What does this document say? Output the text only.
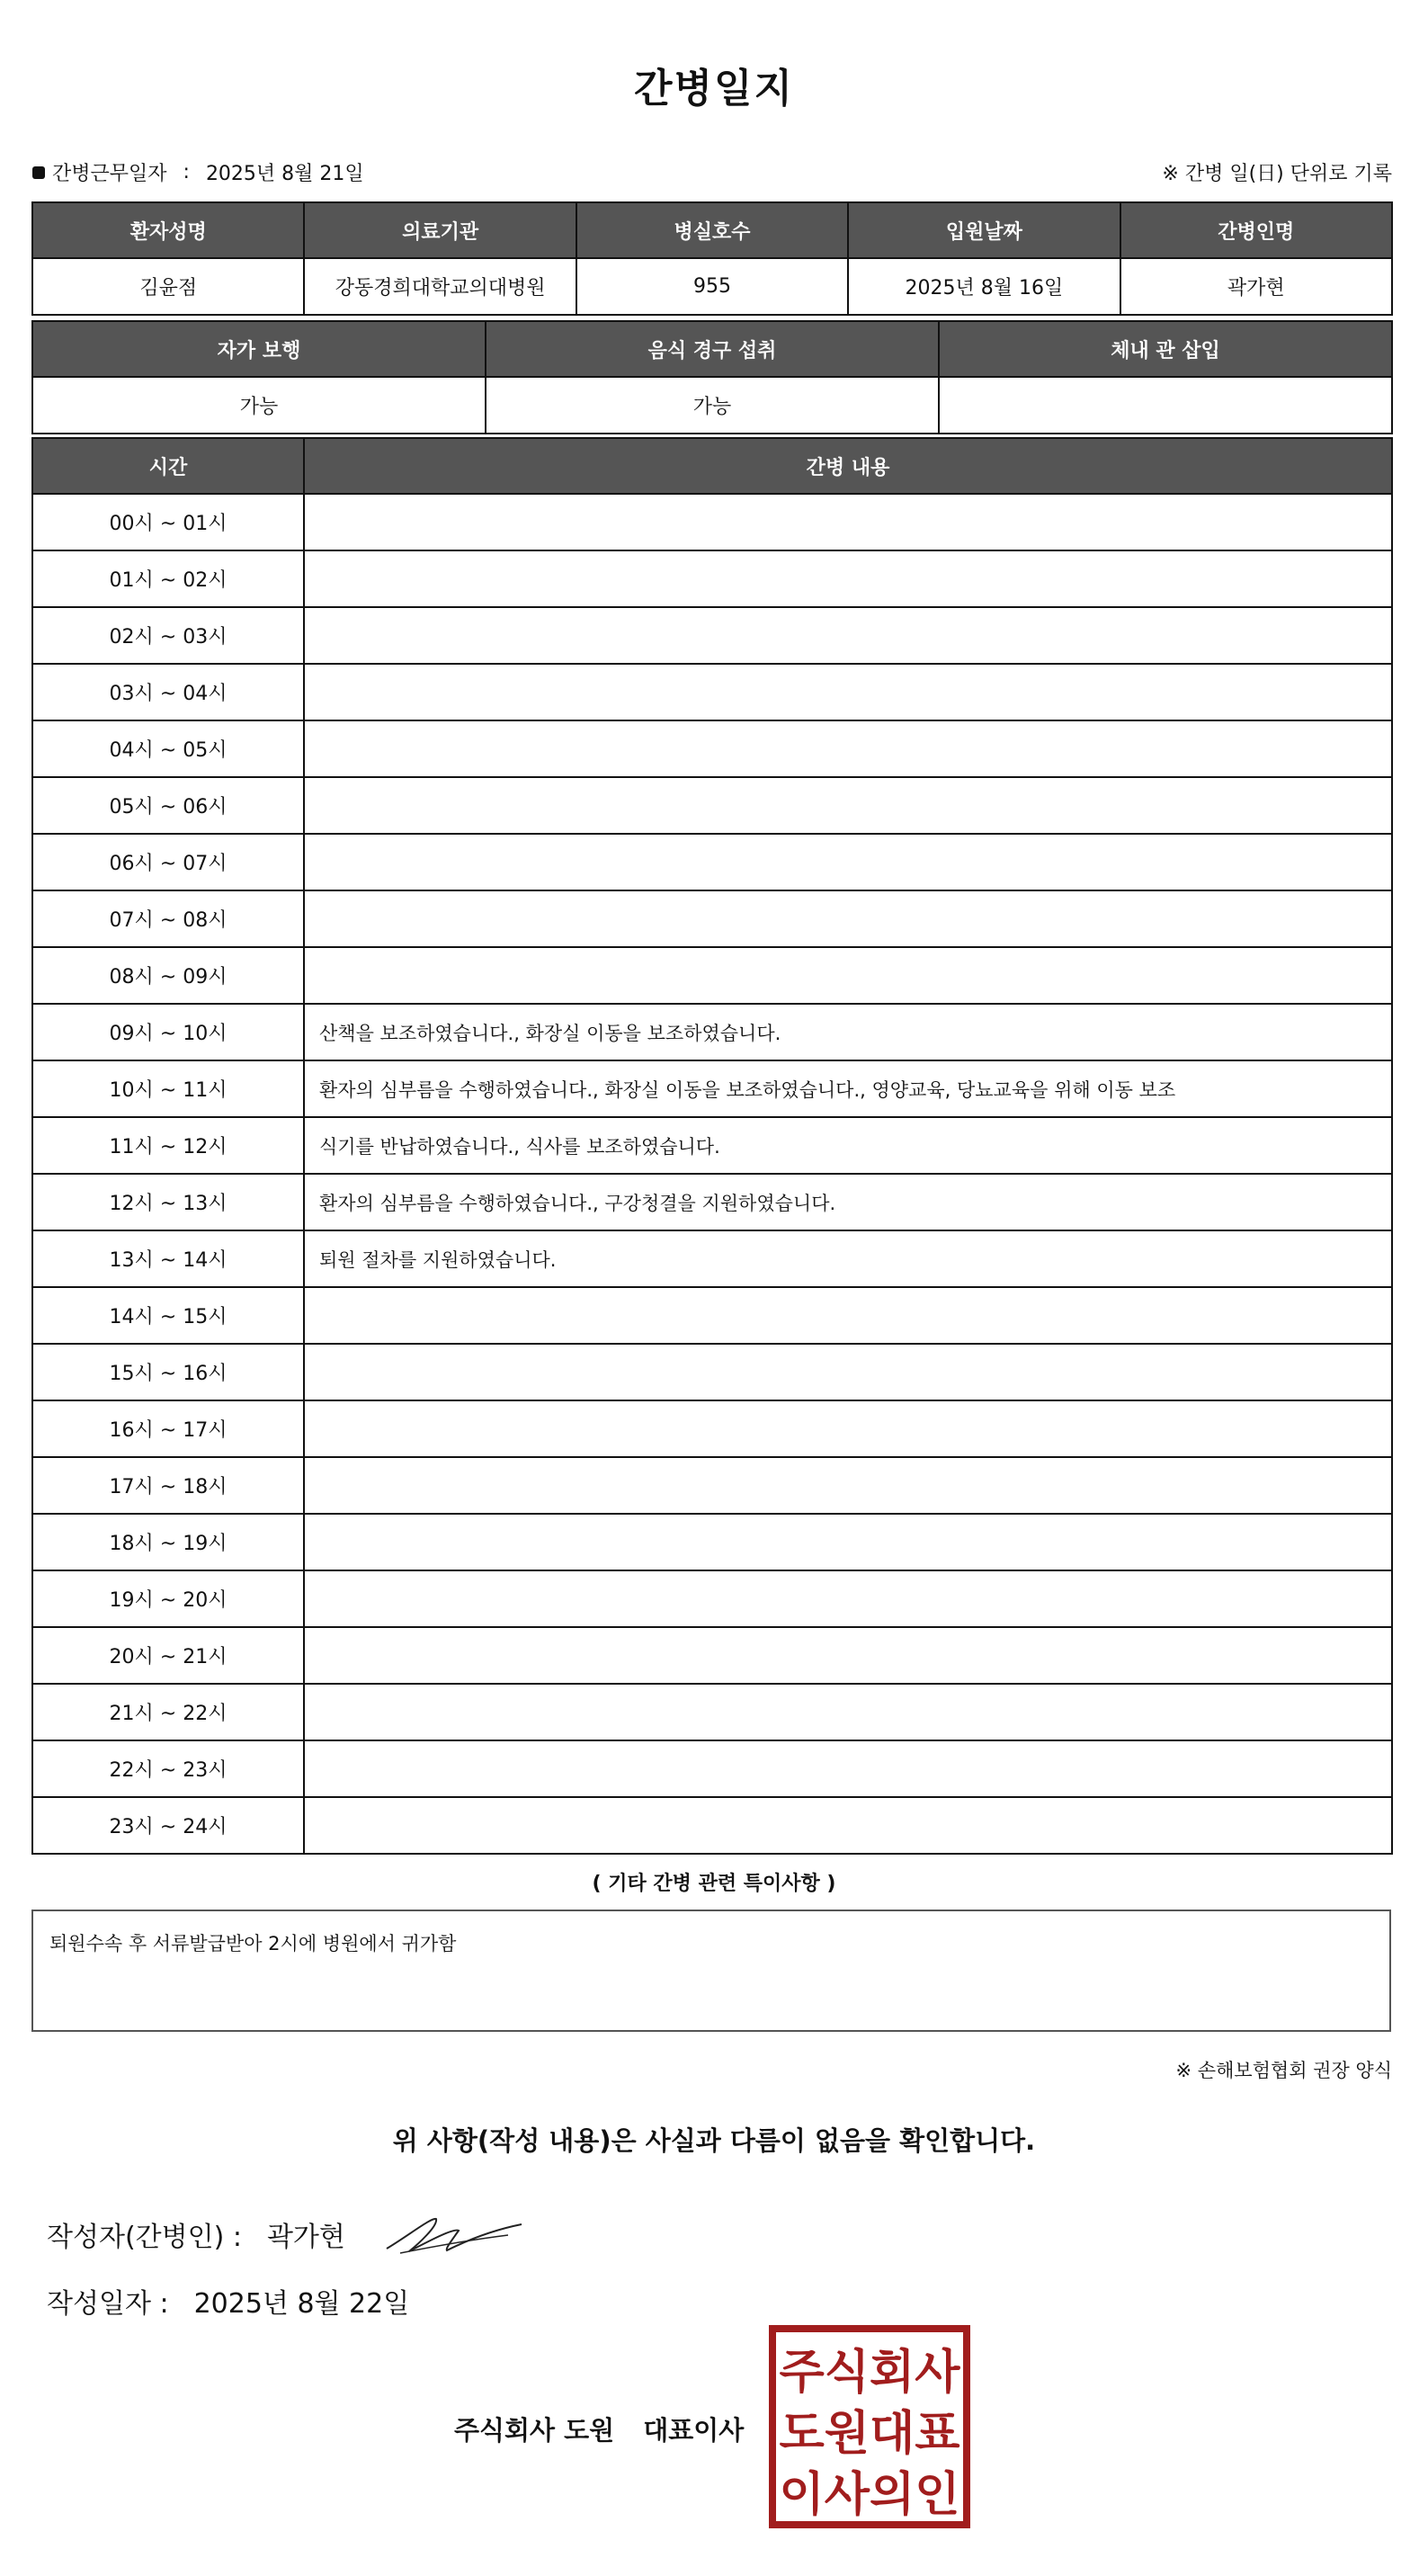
간병일지
간병근무일자 : 2025년 8월 21일	※ 간병 일(日) 단위로 기록
환자성명	의료기관	병실호수	입원날짜	간병인명
김윤점	강동경희대학교의대병원	955	2025년 8월 16일	곽가현
자가 보행	음식 경구 섭취	체내 관 삽입
가능	가능	
시간	간병 내용
00시 ~ 01시	
01시 ~ 02시	
02시 ~ 03시	
03시 ~ 04시	
04시 ~ 05시	
05시 ~ 06시	
06시 ~ 07시	
07시 ~ 08시	
08시 ~ 09시	
09시 ~ 10시	산책을 보조하였습니다., 화장실 이동을 보조하였습니다.
10시 ~ 11시	환자의 심부름을 수행하였습니다., 화장실 이동을 보조하였습니다., 영양교육, 당뇨교육을 위해 이동 보조
11시 ~ 12시	식기를 반납하였습니다., 식사를 보조하였습니다.
12시 ~ 13시	환자의 심부름을 수행하였습니다., 구강청결을 지원하였습니다.
13시 ~ 14시	퇴원 절차를 지원하였습니다.
14시 ~ 15시	
15시 ~ 16시	
16시 ~ 17시	
17시 ~ 18시	
18시 ~ 19시	
19시 ~ 20시	
20시 ~ 21시	
21시 ~ 22시	
22시 ~ 23시	
23시 ~ 24시	
( 기타 간병 관련 특이사항 )
퇴원수속 후 서류발급받아 2시에 병원에서 귀가함
※ 손해보험협회 권장 양식
위 사항(작성 내용)은 사실과 다름이 없음을 확인합니다.
작성자(간병인) : 곽가현
작성일자 : 2025년 8월 22일
주식회사 도원 대표이사
주식회사
도원대표
이사의인
